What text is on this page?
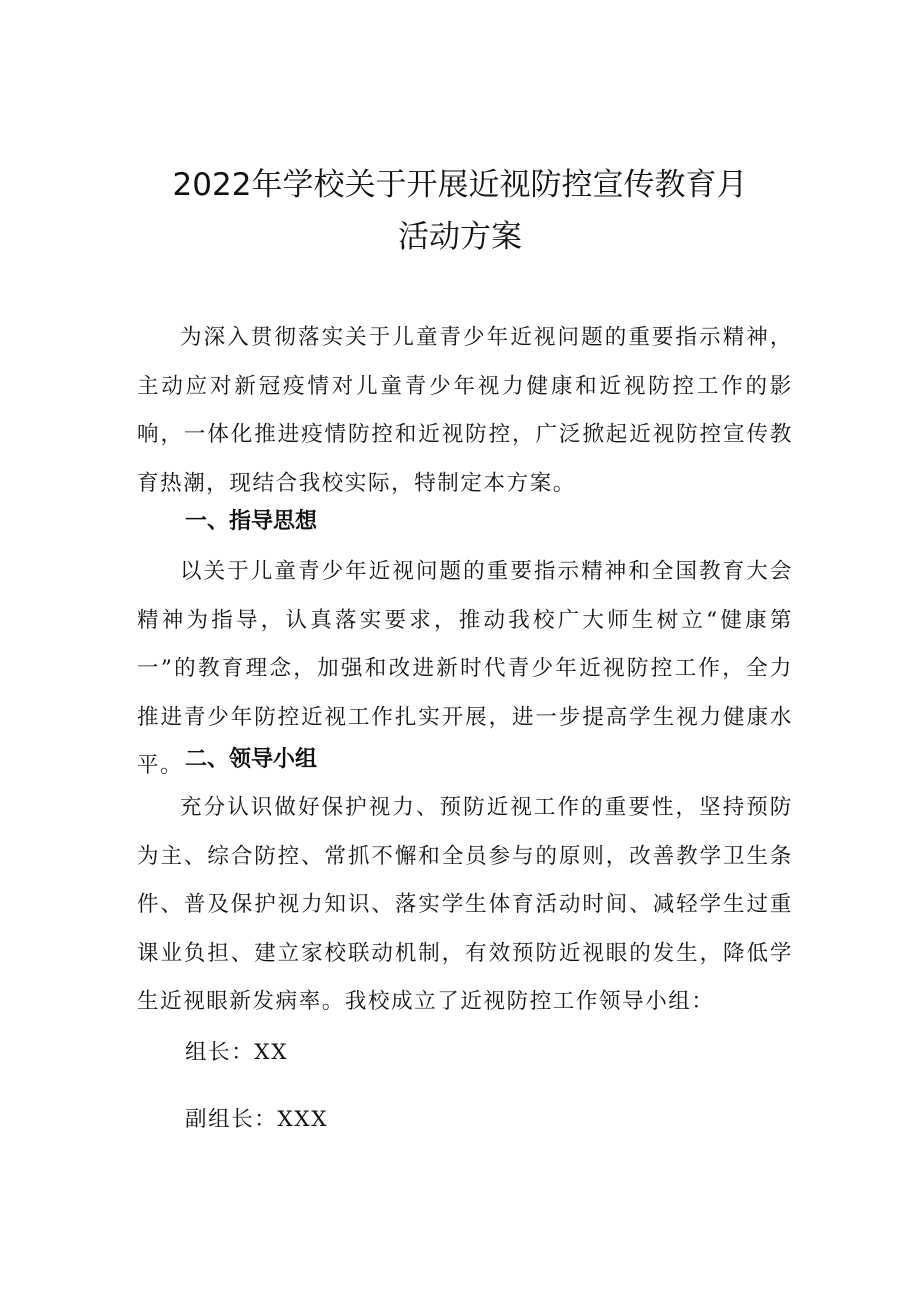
2022年学校关于开展近视防控宣传教育月
活动方案

为深入贯彻落实关于儿童青少年近视问题的重要指示精神，主动应对新冠疫情对儿童青少年视力健康和近视防控工作的影响，一体化推进疫情防控和近视防控，广泛掀起近视防控宣传教育热潮，现结合我校实际，特制定本方案。

一、指导思想

以关于儿童青少年近视问题的重要指示精神和全国教育大会精神为指导，认真落实要求，推动我校广大师生树立“健康第一”的教育理念，加强和改进新时代青少年近视防控工作，全力推进青少年防控近视工作扎实开展，进一步提高学生视力健康水平。 二、领导小组

充分认识做好保护视力、预防近视工作的重要性，坚持预防为主、综合防控、常抓不懈和全员参与的原则，改善教学卫生条件、普及保护视力知识、落实学生体育活动时间、减轻学生过重课业负担、建立家校联动机制，有效预防近视眼的发生，降低学生近视眼新发病率。我校成立了近视防控工作领导小组：

组长：XX

副组长：XXX
